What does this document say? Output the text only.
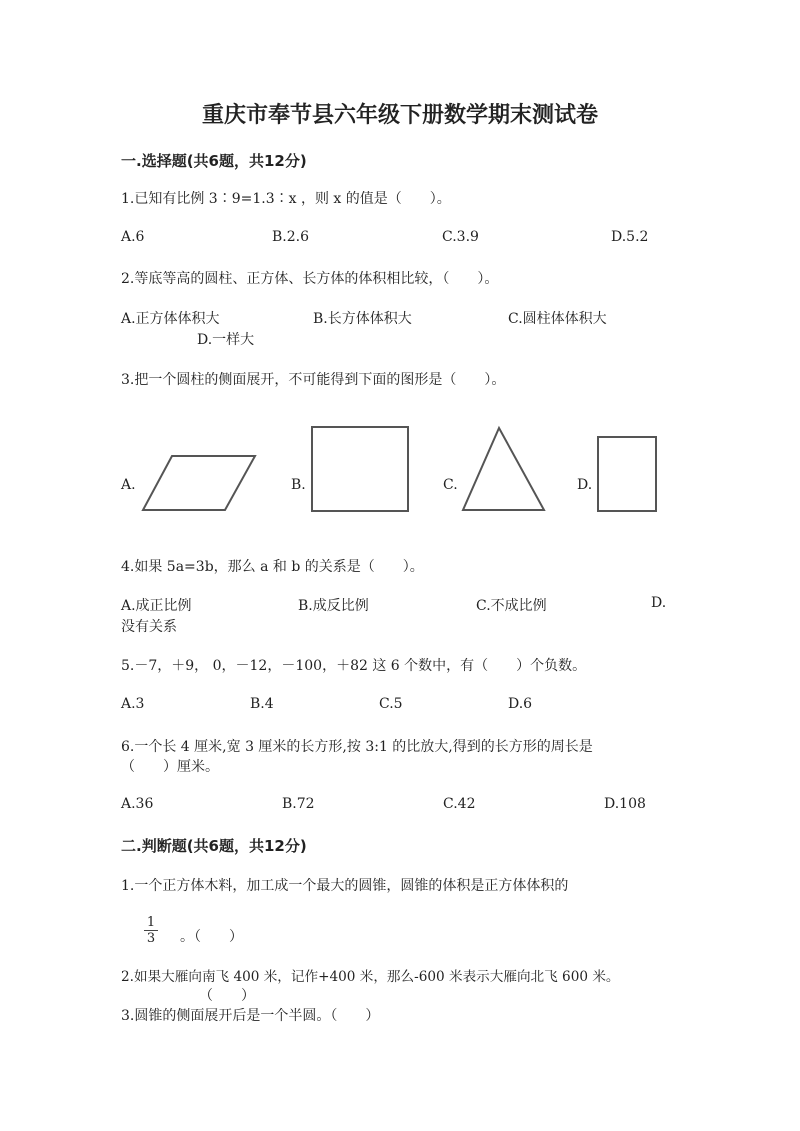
重庆市奉节县六年级下册数学期末测试卷
一.选择题(共6题，共12分)
1.已知有比例 3∶9=1.3∶x ，则 x 的值是（　　）。
A.6	B.2.6	C.3.9	D.5.2
2.等底等高的圆柱、正方体、长方体的体积相比较，（　　）。
A.正方体体积大	B.长方体体积大	C.圆柱体体积大
D.一样大
3.把一个圆柱的侧面展开，不可能得到下面的图形是（　　）。
A.	B.	C.	D.
4.如果 5a=3b，那么 a 和 b 的关系是（　　）。
A.成正比例	B.成反比例	C.不成比例	D.
没有关系
5.－7，＋9， 0，－12，－100，＋82 这 6 个数中，有（　　）个负数。
A.3	B.4	C.5	D.6
6.一个长 4 厘米,宽 3 厘米的长方形,按 3:1 的比放大,得到的长方形的周长是
（　　）厘米。
A.36	B.72	C.42	D.108
二.判断题(共6题，共12分)
1.一个正方体木料，加工成一个最大的圆锥，圆锥的体积是正方体体积的
$\frac{1}{3}$ 。（　　）
2.如果大雁向南飞 400 米，记作+400 米，那么-600 米表示大雁向北飞 600 米。
（　　）
3.圆锥的侧面展开后是一个半圆。（　　）
